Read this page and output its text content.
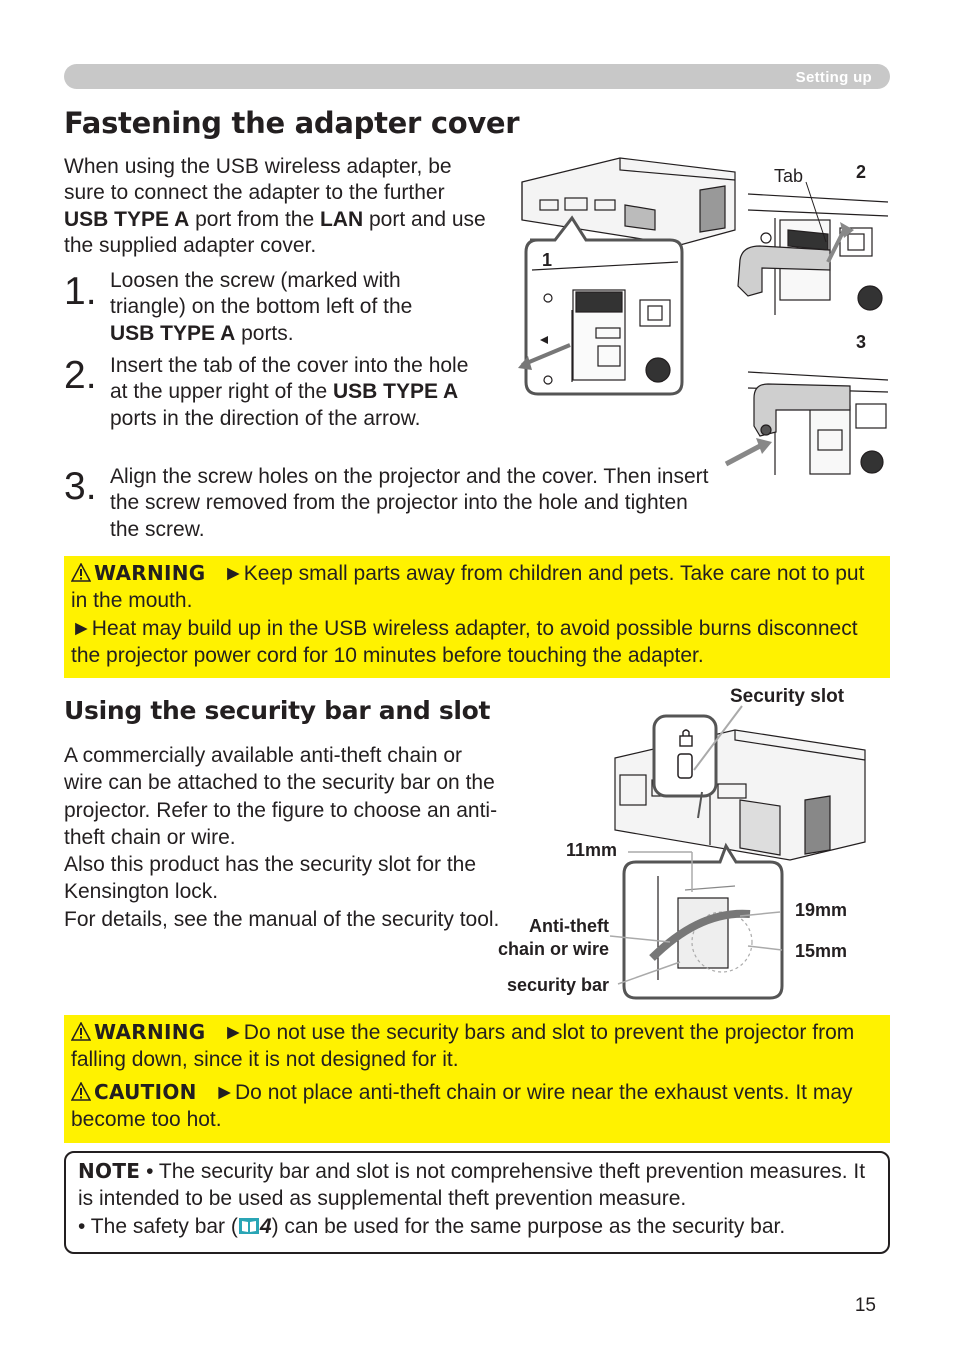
Setting up
Fastening the adapter cover
When using the USB wireless adapter, be sure to connect the adapter to the further
USB TYPE A port from the LAN port and use the supplied adapter cover.
1. Loosen the screw (marked with triangle) on the bottom left of the
USB TYPE A ports.
2. Insert the tab of the cover into the hole at the upper right of the USB TYPE A ports in the direction of the arrow.
3. Align the screw holes on the projector and the cover. Then insert the screw removed from the projector into the hole and tighten the screw.
1
Tab	2
3
WARNING ►Keep small parts away from children and pets. Take care not to put in the mouth.
►Heat may build up in the USB wireless adapter, to avoid possible burns disconnect the projector power cord for 10 minutes before touching the adapter.
Using the security bar and slot
A commercially available anti-theft chain or wire can be attached to the security bar on the projector. Refer to the figure to choose an anti-theft chain or wire.
Also this product has the security slot for the Kensington lock.
For details, see the manual of the security tool.
Security slot
11mm
19mm
15mm
Anti-theft
chain or wire
security bar
WARNING ►Do not use the security bars and slot to prevent the projector from falling down, since it is not designed for it.
CAUTION ►Do not place anti-theft chain or wire near the exhaust vents. It may become too hot.
NOTE • The security bar and slot is not comprehensive theft prevention measures. It is intended to be used as supplemental theft prevention measure.
• The safety bar ( 4) can be used for the same purpose as the security bar.
15
